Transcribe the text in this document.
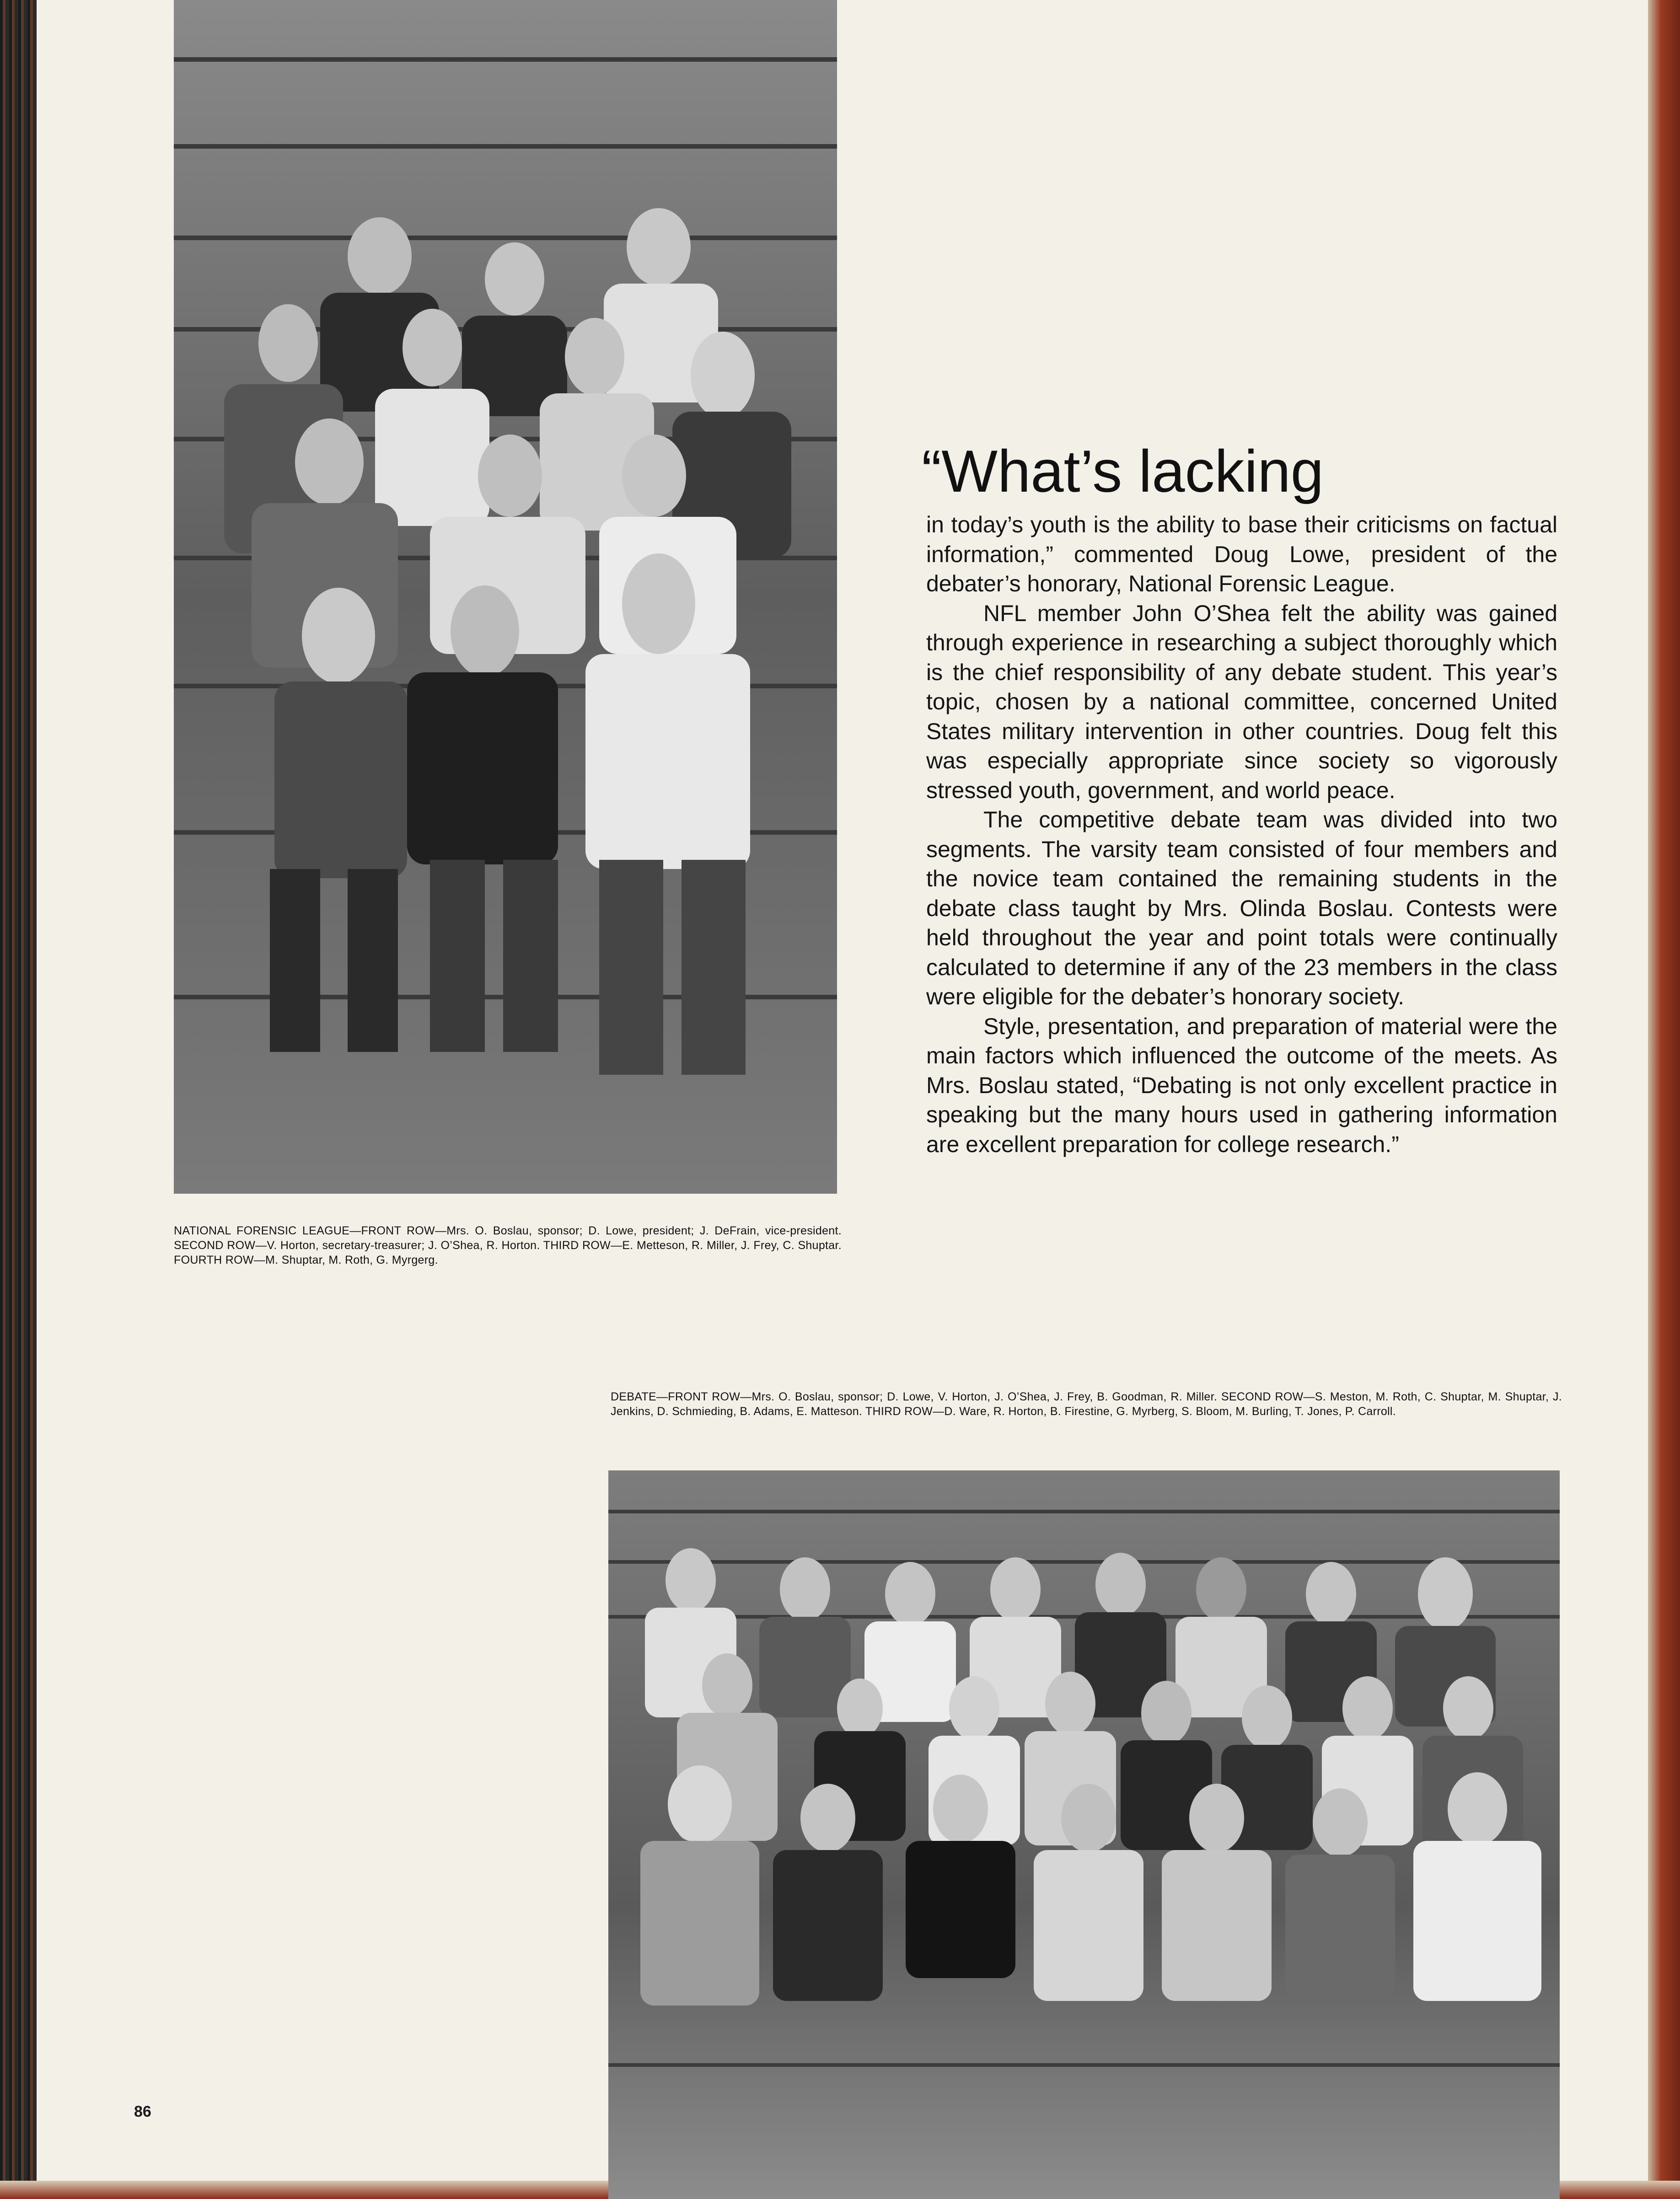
NATIONAL FORENSIC LEAGUE—FRONT ROW—Mrs. O. Boslau, sponsor; D. Lowe, president; J. DeFrain, vice-president. SECOND ROW—V. Horton, secretary-treasurer; J. O’Shea, R. Horton. THIRD ROW—E. Metteson, R. Miller, J. Frey, C. Shuptar. FOURTH ROW—M. Shuptar, M. Roth, G. Myrgerg.
“What’s lacking

in today’s youth is the ability to base their criticisms on factual information,” commented Doug Lowe, president of the debater’s honorary, National Forensic League.

NFL member John O’Shea felt the ability was gained through experience in researching a subject thoroughly which is the chief responsibility of any debate student. This year’s topic, chosen by a national committee, concerned United States military intervention in other countries. Doug felt this was especially appropriate since society so vigorously stressed youth, government, and world peace.

The competitive debate team was divided into two segments. The varsity team consisted of four members and the novice team contained the remaining students in the debate class taught by Mrs. Olinda Boslau. Contests were held throughout the year and point totals were continually calculated to determine if any of the 23 members in the class were eligible for the debater’s honorary society.

Style, presentation, and preparation of material were the main factors which influenced the outcome of the meets. As Mrs. Boslau stated, “Debating is not only excellent practice in speaking but the many hours used in gathering information are excellent preparation for college research.”

DEBATE—FRONT ROW—Mrs. O. Boslau, sponsor; D. Lowe, V. Horton, J. O’Shea, J. Frey, B. Goodman, R. Miller. SECOND ROW—S. Meston, M. Roth, C. Shuptar, M. Shuptar, J. Jenkins, D. Schmieding, B. Adams, E. Matteson. THIRD ROW—D. Ware, R. Horton, B. Firestine, G. Myrberg, S. Bloom, M. Burling, T. Jones, P. Carroll.
86
